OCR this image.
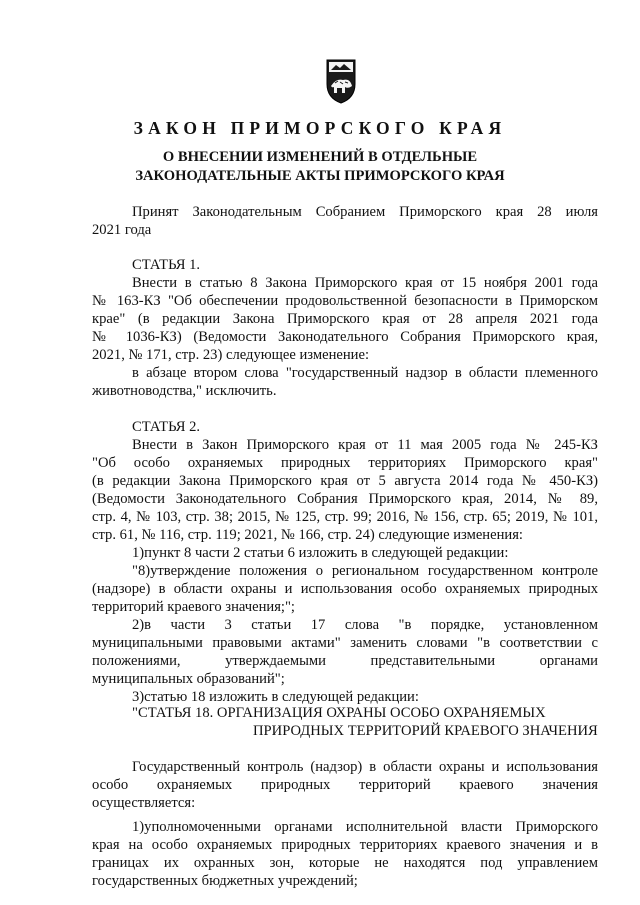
ЗАКОН ПРИМОРСКОГО КРАЯ
О ВНЕСЕНИИ ИЗМЕНЕНИЙ В ОТДЕЛЬНЫЕ
ЗАКОНОДАТЕЛЬНЫЕ АКТЫ ПРИМОРСКОГО КРАЯ
Принят Законодательным Собранием Приморского края 28 июля
2021 года
СТАТЬЯ 1.
Внести в статью 8 Закона Приморского края от 15 ноября 2001 года
№ 163-КЗ "Об обеспечении продовольственной безопасности в Приморском
крае" (в редакции Закона Приморского края от 28 апреля 2021 года
№ 1036-КЗ) (Ведомости Законодательного Собрания Приморского края,
2021, № 171, стр. 23) следующее изменение:
в абзаце втором слова "государственный надзор в области племенного
животноводства," исключить.
СТАТЬЯ 2.
Внести в Закон Приморского края от 11 мая 2005 года № 245-КЗ
"Об особо охраняемых природных территориях Приморского края"
(в редакции Закона Приморского края от 5 августа 2014 года № 450-КЗ)
(Ведомости Законодательного Собрания Приморского края, 2014, № 89,
стр. 4, № 103, стр. 38; 2015, № 125, стр. 99; 2016, № 156, стр. 65; 2019, № 101,
стр. 61, № 116, стр. 119; 2021, № 166, стр. 24) следующие изменения:
1)пункт 8 части 2 статьи 6 изложить в следующей редакции:
"8)утверждение положения о региональном государственном контроле
(надзоре) в области охраны и использования особо охраняемых природных
территорий краевого значения;";
2)в части 3 статьи 17 слова "в порядке, установленном
муниципальными правовыми актами" заменить словами "в соответствии с
положениями, утверждаемыми представительными органами
муниципальных образований";
3)статью 18 изложить в следующей редакции:
"СТАТЬЯ 18. ОРГАНИЗАЦИЯ ОХРАНЫ ОСОБО ОХРАНЯЕМЫХ
ПРИРОДНЫХ ТЕРРИТОРИЙ КРАЕВОГО ЗНАЧЕНИЯ
Государственный контроль (надзор) в области охраны и использования
особо охраняемых природных территорий краевого значения
осуществляется:
1)уполномоченными органами исполнительной власти Приморского
края на особо охраняемых природных территориях краевого значения и в
границах их охранных зон, которые не находятся под управлением
государственных бюджетных учреждений;
